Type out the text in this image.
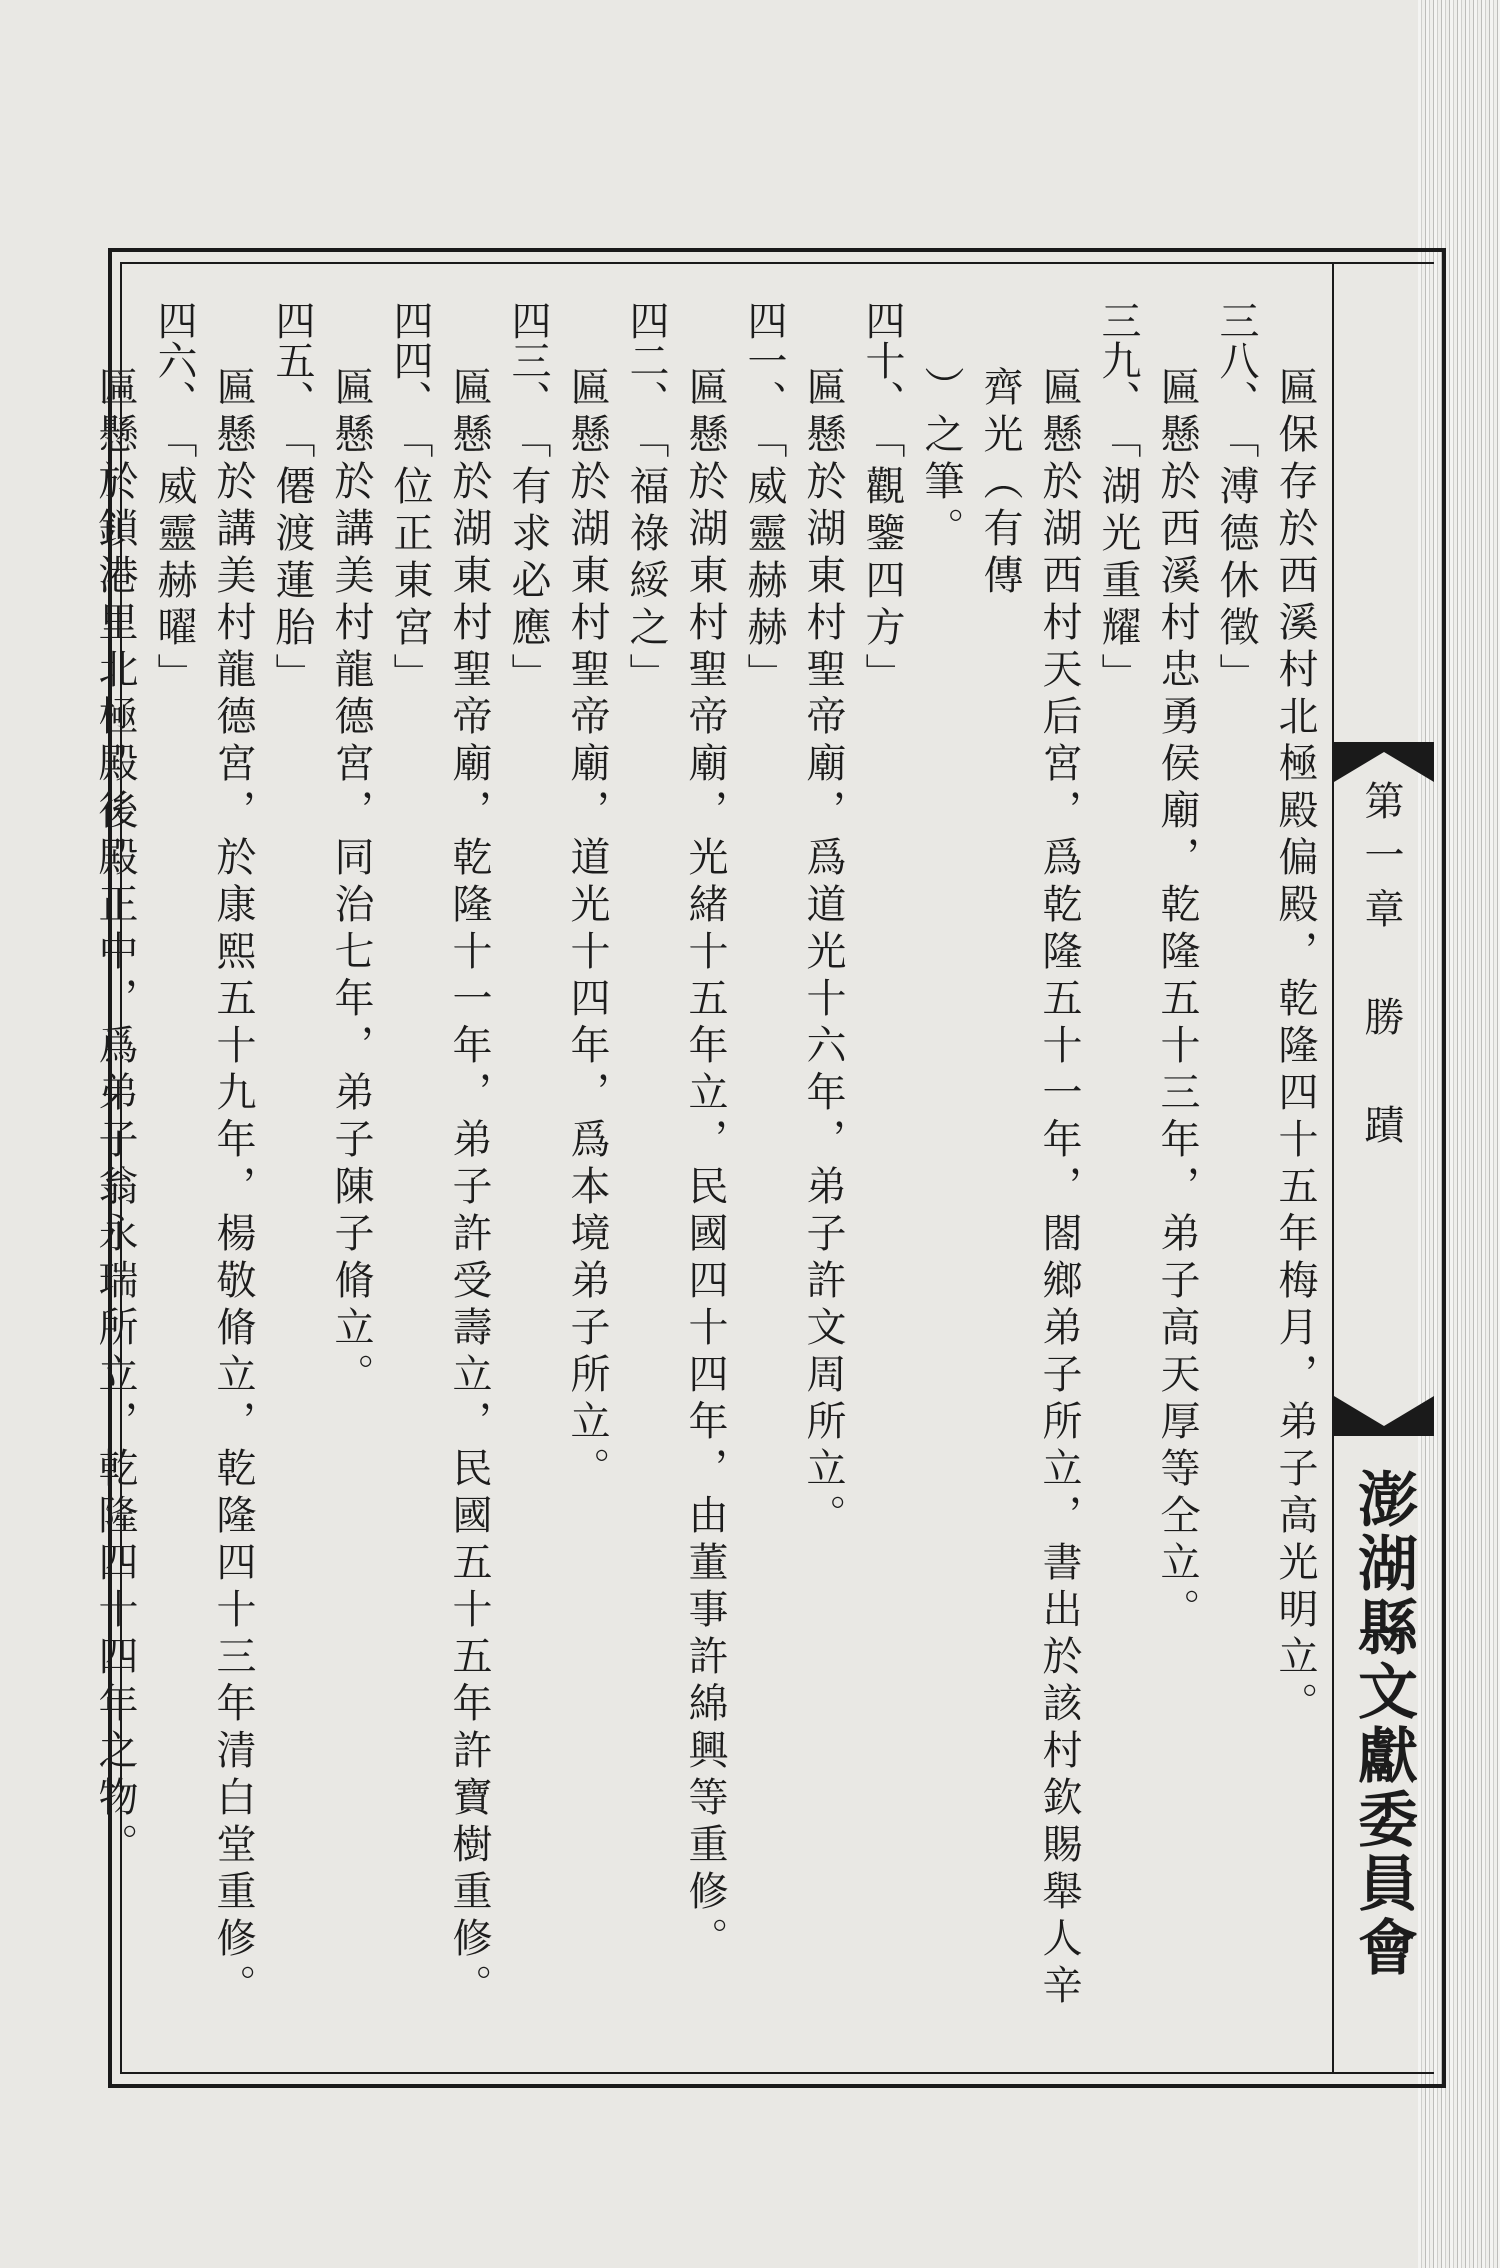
第一章　勝　蹟
澎湖縣文獻委員會
匾保存於西溪村北極殿偏殿，乾隆四十五年梅月，弟子高光明立。
三八、「溥德休徵」
匾懸於西溪村忠勇侯廟，乾隆五十三年，弟子高天厚等仝立。
三九、「湖光重耀」
匾懸於湖西村天后宮，爲乾隆五十一年，閤鄉弟子所立，書出於該村欽賜舉人辛齊光（有傳
）之筆。
四十、「觀鑒四方」
匾懸於湖東村聖帝廟，爲道光十六年，弟子許文周所立。
四一、「威靈赫赫」
匾懸於湖東村聖帝廟，光緒十五年立，民國四十四年，由董事許綿興等重修。
四二、「福祿綏之」
匾懸於湖東村聖帝廟，道光十四年，爲本境弟子所立。
四三、「有求必應」
匾懸於湖東村聖帝廟，乾隆十一年，弟子許受壽立，民國五十五年許寶樹重修。
四四、「位正東宮」
匾懸於講美村龍德宮，同治七年，弟子陳子脩立。
四五、「僊渡蓮胎」
匾懸於講美村龍德宮，於康熙五十九年，楊敬脩立，乾隆四十三年清白堂重修。
四六、「威靈赫曜」
匾懸於鎖港里北極殿後殿正中，爲弟子翁永瑞所立，乾隆四十四年之物。
